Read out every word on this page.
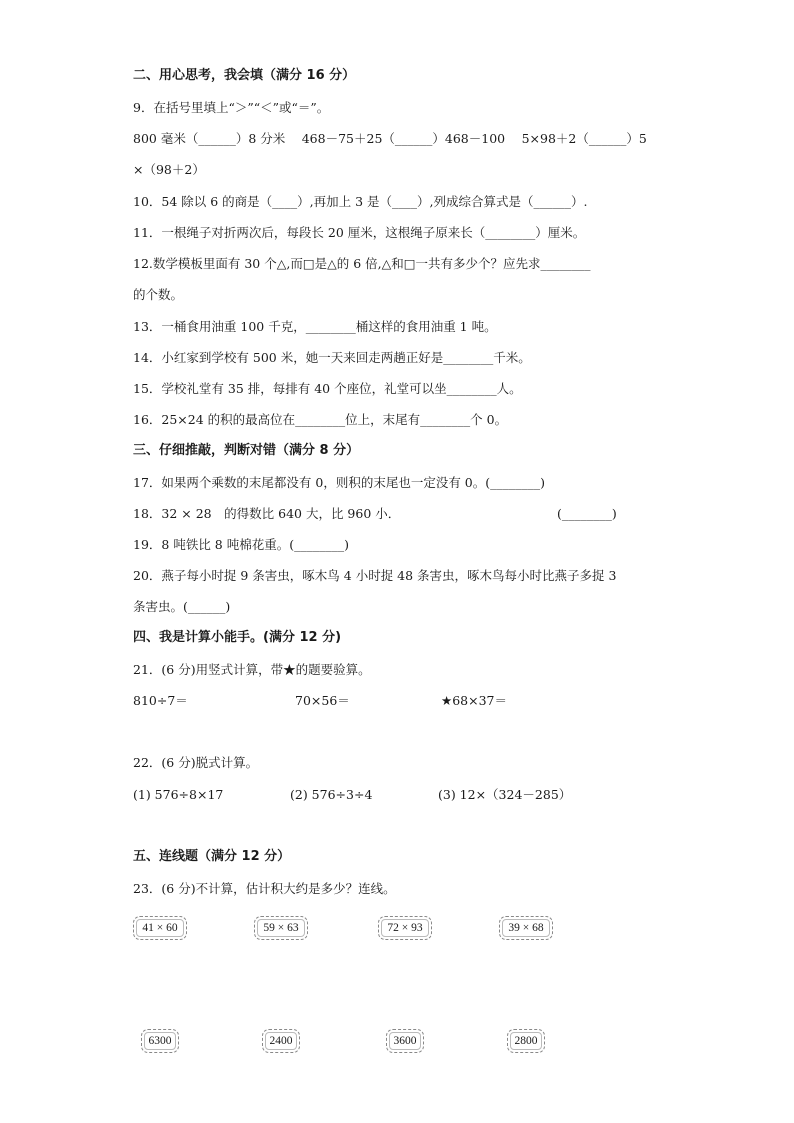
二、用心思考，我会填（满分 16 分）
9．在括号里填上“＞”“＜”或“＝”。
800 毫米（______）8 分米　 468－75＋25（______）468－100　 5×98＋2（______）5
×（98＋2）
10．54 除以 6 的商是（____）,再加上 3 是（____）,列成综合算式是（______）.
11．一根绳子对折两次后，每段长 20 厘米，这根绳子原来长（________）厘米。
12.数学模板里面有 30 个△,而□是△的 6 倍,△和□一共有多少个？应先求________
的个数。
13．一桶食用油重 100 千克，________桶这样的食用油重 1 吨。
14．小红家到学校有 500 米，她一天来回走两趟正好是________千米。
15．学校礼堂有 35 排，每排有 40 个座位，礼堂可以坐________人。
16．25×24 的积的最高位在________位上，末尾有________个 0。
三、仔细推敲，判断对错（满分 8 分）
17．如果两个乘数的末尾都没有 0，则积的末尾也一定没有 0。(________)
18．32 × 28　的得数比 640 大，比 960 小．	(________)
19．8 吨铁比 8 吨棉花重。(________)
20．燕子每小时捉 9 条害虫，啄木鸟 4 小时捉 48 条害虫，啄木鸟每小时比燕子多捉 3
条害虫。(______)
四、我是计算小能手。(满分 12 分)
21．(6 分)用竖式计算，带★的题要验算。
810÷7＝	70×56＝	★68×37＝
22．(6 分)脱式计算。
(1) 576÷8×17	(2) 576÷3÷4	(3) 12×（324－285）
五、连线题（满分 12 分）
23．(6 分)不计算，估计积大约是多少？连线。
41 × 60	59 × 63	72 × 93	39 × 68
6300	2400	3600	2800
